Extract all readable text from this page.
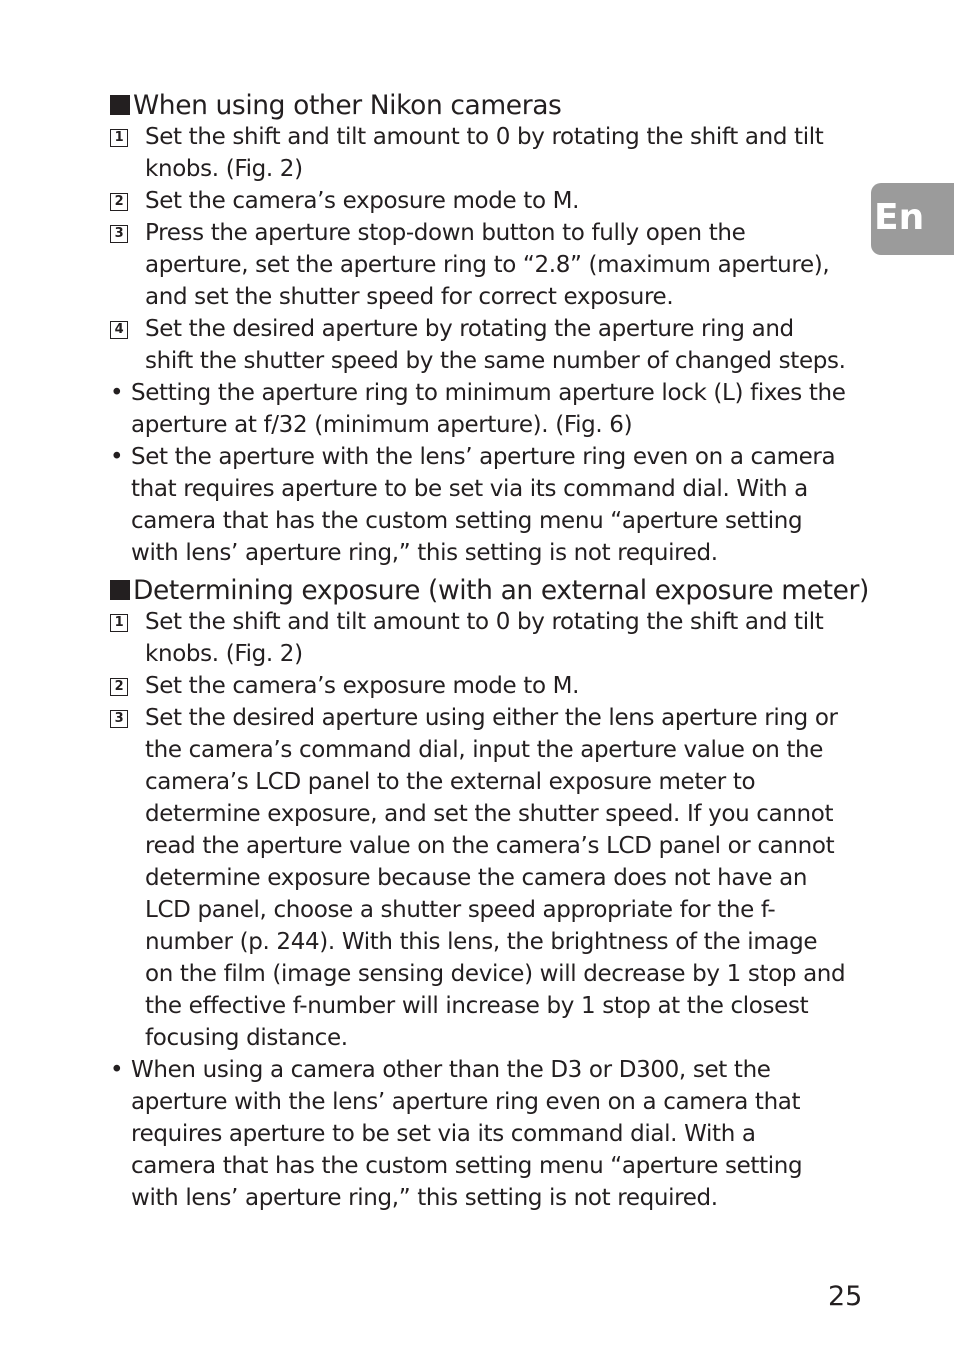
En
When using other Nikon cameras
1 Set the shift and tilt amount to 0 by rotating the shift and tilt knobs. (Fig. 2)
2 Set the camera’s exposure mode to M.
3 Press the aperture stop-down button to fully open the aperture, set the aperture ring to “2.8” (maximum aperture), and set the shutter speed for correct exposure.
4 Set the desired aperture by rotating the aperture ring and shift the shutter speed by the same number of changed steps.
• Setting the aperture ring to minimum aperture lock (L) fixes the aperture at f/32 (minimum aperture). (Fig. 6)
• Set the aperture with the lens’ aperture ring even on a camera that requires aperture to be set via its command dial. With a camera that has the custom setting menu “aperture setting with lens’ aperture ring,” this setting is not required.
Determining exposure (with an external exposure meter)
1 Set the shift and tilt amount to 0 by rotating the shift and tilt knobs. (Fig. 2)
2 Set the camera’s exposure mode to M.
3 Set the desired aperture using either the lens aperture ring or the camera’s command dial, input the aperture value on the camera’s LCD panel to the external exposure meter to determine exposure, and set the shutter speed. If you cannot read the aperture value on the camera’s LCD panel or cannot determine exposure because the camera does not have an LCD panel, choose a shutter speed appropriate for the f-number (p. 244). With this lens, the brightness of the image on the film (image sensing device) will decrease by 1 stop and the effective f-number will increase by 1 stop at the closest focusing distance.
• When using a camera other than the D3 or D300, set the aperture with the lens’ aperture ring even on a camera that requires aperture to be set via its command dial. With a camera that has the custom setting menu “aperture setting with lens’ aperture ring,” this setting is not required.
25
